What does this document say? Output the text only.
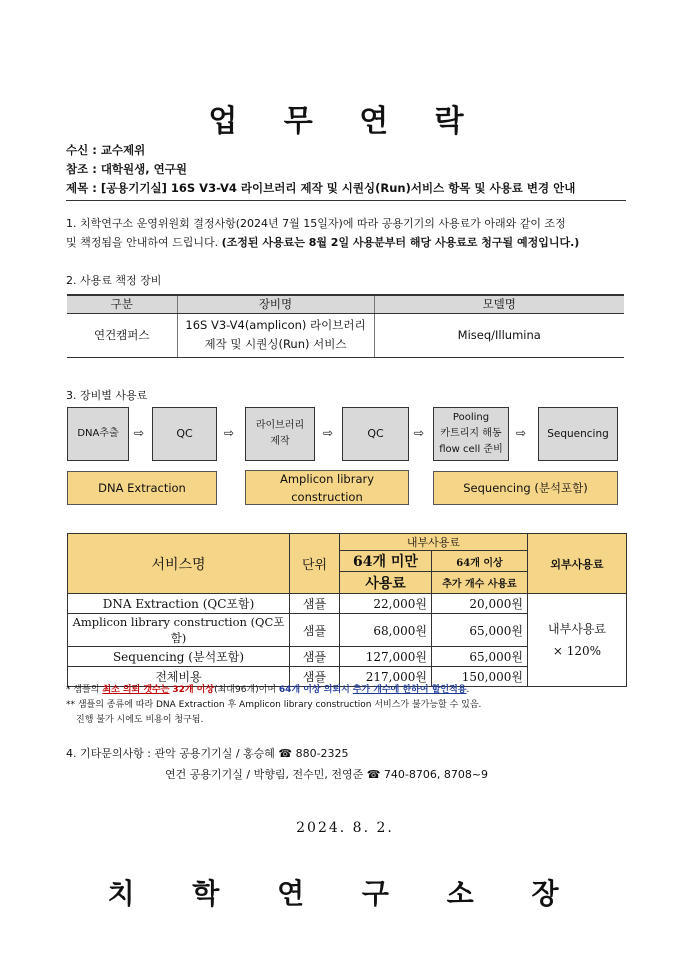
업 무 연 락
수신 : 교수제위
참조 : 대학원생, 연구원
제목 : [공용기기실] 16S V3-V4 라이브러리 제작 및 시퀀싱(Run)서비스 항목 및 사용료 변경 안내
1. 치학연구소 운영위원회 결정사항(2024년 7월 15일자)에 따라 공용기기의 사용료가 아래와 같이 조정
및 책정됨을 안내하여 드립니다. (조정된 사용료는 8월 2일 사용분부터 해당 사용료로 청구될 예정입니다.)
2. 사용료 책정 장비
구분	장비명	모델명
연건캠퍼스	16S V3-V4(amplicon) 라이브러리
제작 및 시퀀싱(Run) 서비스	Miseq/Illumina
3. 장비별 사용료
DNA추출	⇨	QC	⇨
라이브러리
제작
⇨	QC	⇨
Pooling
카트리지 해동
flow cell 준비
⇨	Sequencing
DNA Extraction
Amplicon library
construction
Sequencing (분석포함)
서비스명	단위	내부사용료		외부사용료
		64개 미만	64개 이상	
		사용료	추가 개수 사용료	
DNA Extraction (QC포함)	샘플	22,000원	20,000원	내부사용료
× 120%

Amplicon library construction (QC포함)	샘플	68,000원	65,000원	
Sequencing (분석포함)	샘플	127,000원	65,000원	
전체비용	샘플	217,000원	150,000원	
* 샘플의 최소 의뢰 갯수는 32개 이상(최대96개)이며 64개 이상 의뢰시 추가 개수에 한하여 할인적용.
** 샘플의 종류에 따라 DNA Extraction 후 Amplicon library construction 서비스가 불가능할 수 있음.
진행 불가 시에도 비용이 청구됨.
4. 기타문의사항 : 관악 공용기기실 / 홍승혜 ☎ 880-2325
연건 공용기기실 / 박향림, 전수민, 전영준 ☎ 740-8706, 8708~9
2024. 8. 2.
치 학 연 구 소 장
